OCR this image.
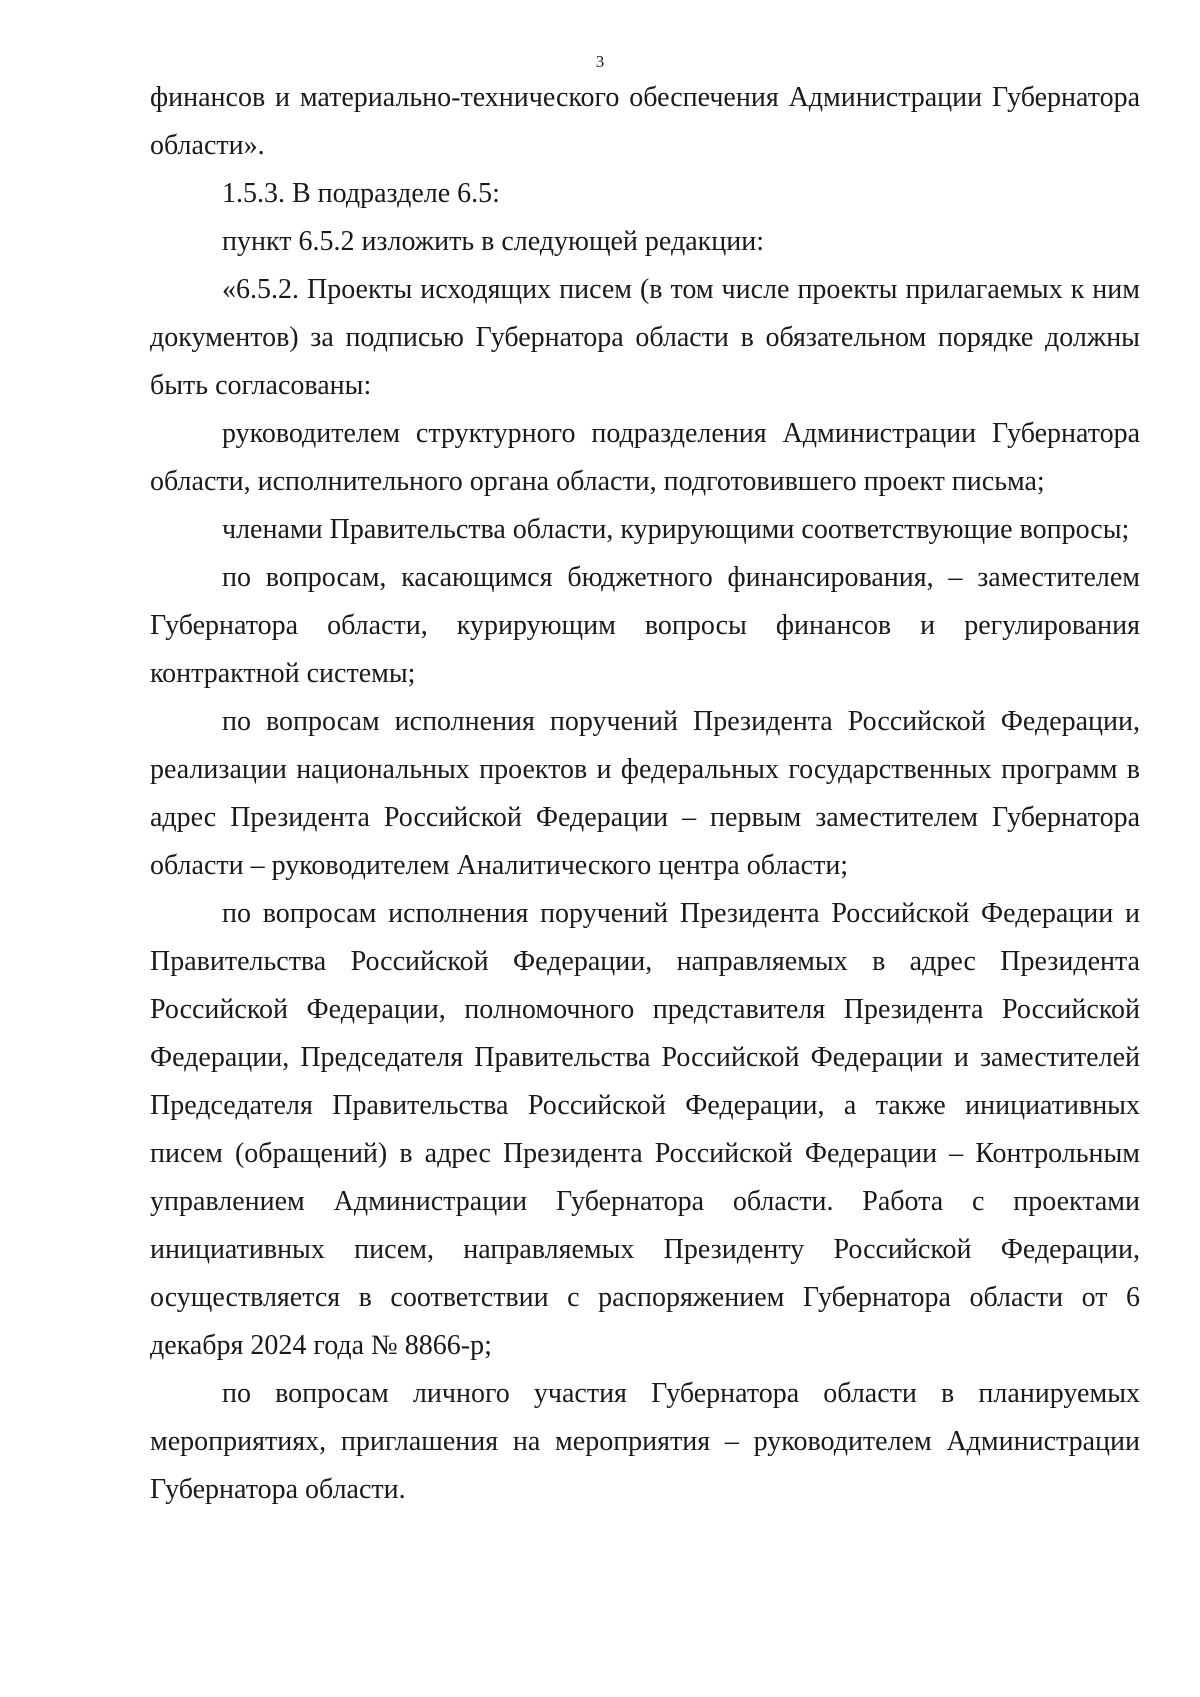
3

финансов и материально-технического обеспечения Администрации Губернатора области».

1.5.3. В подразделе 6.5:

пункт 6.5.2 изложить в следующей редакции:

«6.5.2. Проекты исходящих писем (в том числе проекты прилагаемых к ним документов) за подписью Губернатора области в обязательном порядке должны быть согласованы:

руководителем структурного подразделения Администрации Губернатора области, исполнительного органа области, подготовившего проект письма;

членами Правительства области, курирующими соответствующие вопросы;

по вопросам, касающимся бюджетного финансирования, – заместителем Губернатора области, курирующим вопросы финансов и регулирования контрактной системы;

по вопросам исполнения поручений Президента Российской Федерации, реализации национальных проектов и федеральных государственных программ в адрес Президента Российской Федерации – первым заместителем Губернатора области – руководителем Аналитического центра области;

по вопросам исполнения поручений Президента Российской Федерации и Правительства Российской Федерации, направляемых в адрес Президента Российской Федерации, полномочного представителя Президента Российской Федерации, Председателя Правительства Российской Федерации и заместителей Председателя Правительства Российской Федерации, а также инициативных писем (обращений) в адрес Президента Российской Федерации – Контрольным управлением Администрации Губернатора области. Работа с проектами инициативных писем, направляемых Президенту Российской Федерации, осуществляется в соответствии с распоряжением Губернатора области от 6 декабря 2024 года № 8866-р;

по вопросам личного участия Губернатора области в планируемых мероприятиях, приглашения на мероприятия – руководителем Администрации Губернатора области.
